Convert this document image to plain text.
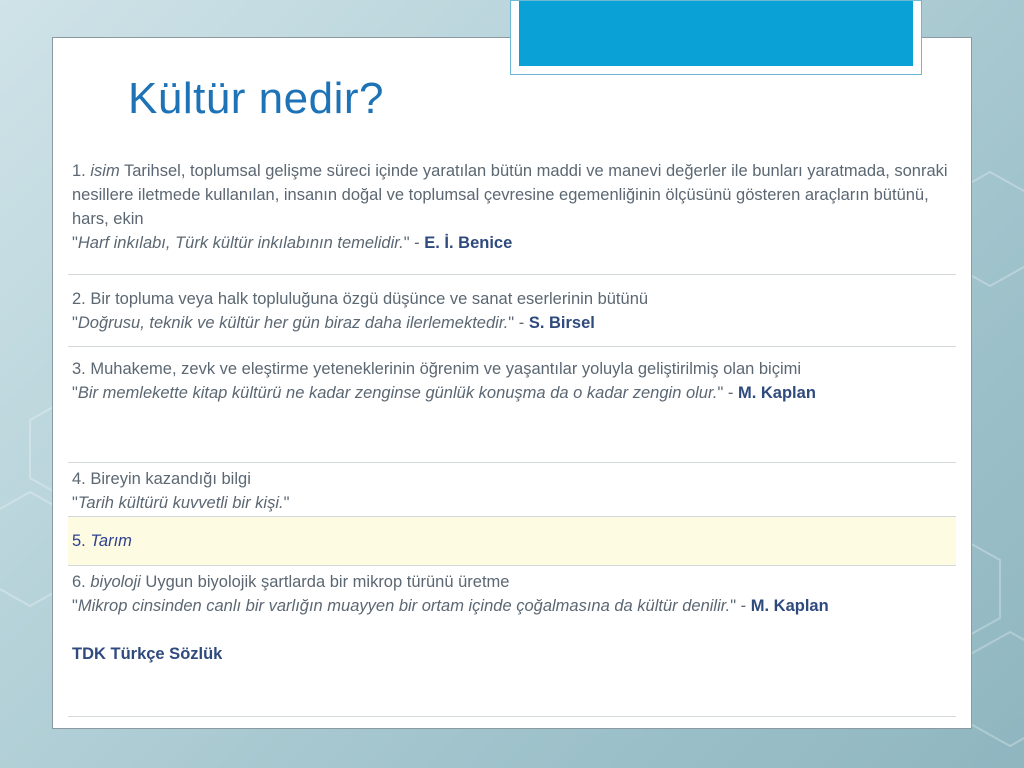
Kültür nedir?

1. isim Tarihsel, toplumsal gelişme süreci içinde yaratılan bütün maddi ve manevi değerler ile bunları yaratmada, sonraki nesillere iletmede kullanılan, insanın doğal ve toplumsal çevresine egemenliğinin ölçüsünü gösteren araçların bütünü, hars, ekin

"Harf inkılabı, Türk kültür inkılabının temelidir." - E. İ. Benice

2. Bir topluma veya halk topluluğuna özgü düşünce ve sanat eserlerinin bütünü

"Doğrusu, teknik ve kültür her gün biraz daha ilerlemektedir." - S. Birsel

3. Muhakeme, zevk ve eleştirme yeteneklerinin öğrenim ve yaşantılar yoluyla geliştirilmiş olan biçimi

"Bir memlekette kitap kültürü ne kadar zenginse günlük konuşma da o kadar zengin olur." - M. Kaplan

4. Bireyin kazandığı bilgi

"Tarih kültürü kuvvetli bir kişi."

5. Tarım

6. biyoloji Uygun biyolojik şartlarda bir mikrop türünü üretme

"Mikrop cinsinden canlı bir varlığın muayyen bir ortam içinde çoğalmasına da kültür denilir." - M. Kaplan

TDK Türkçe Sözlük
